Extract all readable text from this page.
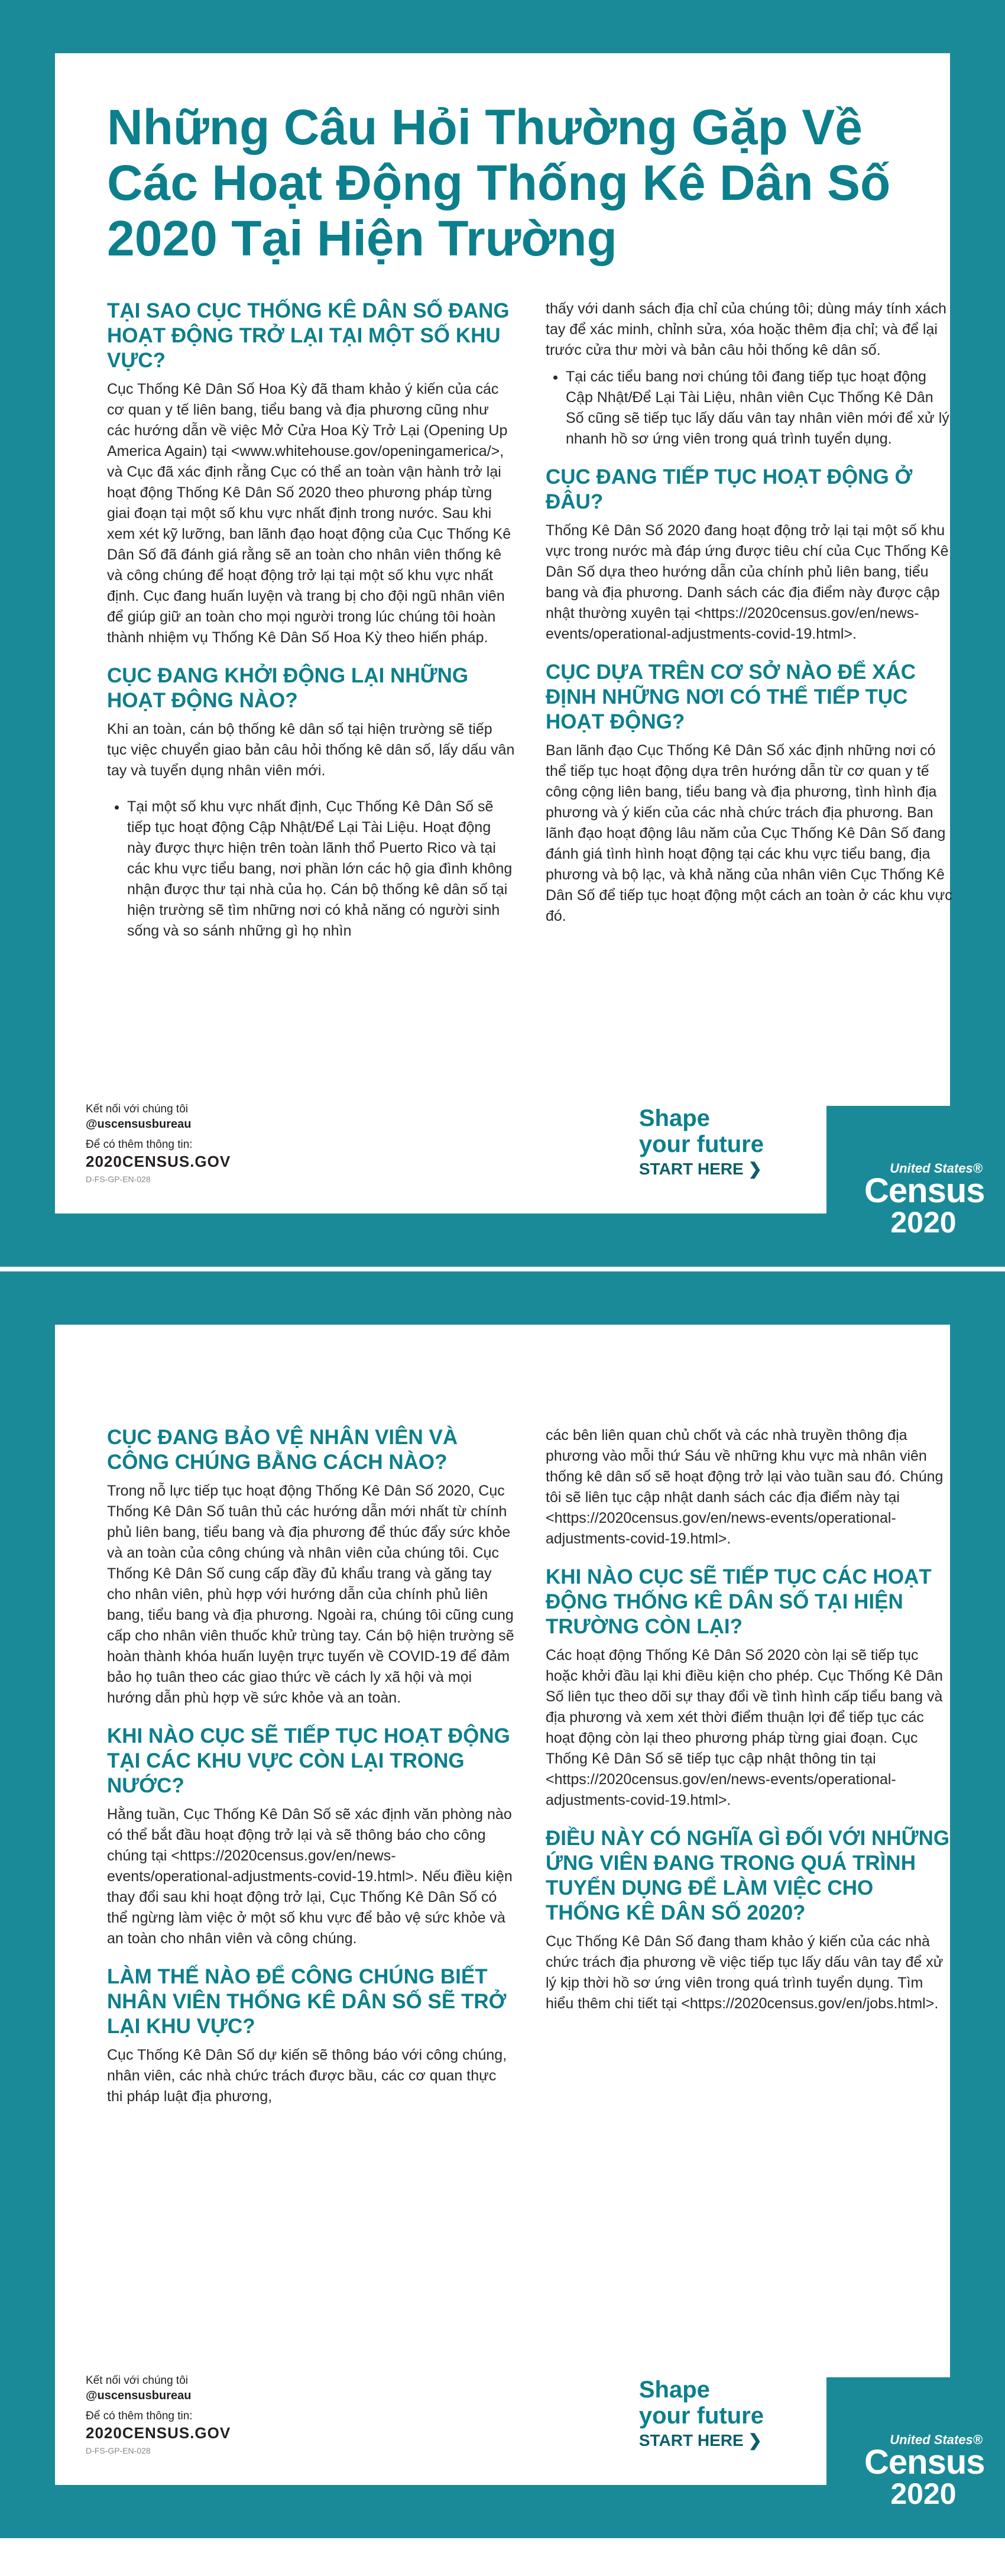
Những Câu Hỏi Thường Gặp Về Các Hoạt Động Thống Kê Dân Số 2020 Tại Hiện Trường
TẠI SAO CỤC THỐNG KÊ DÂN SỐ ĐANG HOẠT ĐỘNG TRỞ LẠI TẠI MỘT SỐ KHU VỰC?
Cục Thống Kê Dân Số Hoa Kỳ đã tham khảo ý kiến của các cơ quan y tế liên bang, tiểu bang và địa phương cũng như các hướng dẫn về việc Mở Cửa Hoa Kỳ Trở Lại (Opening Up America Again) tại <www.whitehouse.gov/openingamerica/>, và Cục đã xác định rằng Cục có thể an toàn vận hành trở lại hoạt động Thống Kê Dân Số 2020 theo phương pháp từng giai đoạn tại một số khu vực nhất định trong nước. Sau khi xem xét kỹ lưỡng, ban lãnh đạo hoạt động của Cục Thống Kê Dân Số đã đánh giá rằng sẽ an toàn cho nhân viên thống kê và công chúng để hoạt động trở lại tại một số khu vực nhất định. Cục đang huấn luyện và trang bị cho đội ngũ nhân viên để giúp giữ an toàn cho mọi người trong lúc chúng tôi hoàn thành nhiệm vụ Thống Kê Dân Số Hoa Kỳ theo hiến pháp.
CỤC ĐANG KHỞI ĐỘNG LẠI NHỮNG HOẠT ĐỘNG NÀO?
Khi an toàn, cán bộ thống kê dân số tại hiện trường sẽ tiếp tục việc chuyển giao bản câu hỏi thống kê dân số, lấy dấu vân tay và tuyển dụng nhân viên mới.
• Tại một số khu vực nhất định, Cục Thống Kê Dân Số sẽ tiếp tục hoạt động Cập Nhật/Để Lại Tài Liệu. Hoạt động này được thực hiện trên toàn lãnh thổ Puerto Rico và tại các khu vực tiểu bang, nơi phần lớn các hộ gia đình không nhận được thư tại nhà của họ. Cán bộ thống kê dân số tại hiện trường sẽ tìm những nơi có khả năng có người sinh sống và so sánh những gì họ nhìn
thấy với danh sách địa chỉ của chúng tôi; dùng máy tính xách tay để xác minh, chỉnh sửa, xóa hoặc thêm địa chỉ; và để lại trước cửa thư mời và bản câu hỏi thống kê dân số.
• Tại các tiểu bang nơi chúng tôi đang tiếp tục hoạt động Cập Nhật/Để Lại Tài Liệu, nhân viên Cục Thống Kê Dân Số cũng sẽ tiếp tục lấy dấu vân tay nhân viên mới để xử lý nhanh hồ sơ ứng viên trong quá trình tuyển dụng.
CỤC ĐANG TIẾP TỤC HOẠT ĐỘNG Ở ĐÂU?
Thống Kê Dân Số 2020 đang hoạt động trở lại tại một số khu vực trong nước mà đáp ứng được tiêu chí của Cục Thống Kê Dân Số dựa theo hướng dẫn của chính phủ liên bang, tiểu bang và địa phương. Danh sách các địa điểm này được cập nhật thường xuyên tại <https://2020census.gov/en/news-events/operational-adjustments-covid-19.html>.
CỤC DỰA TRÊN CƠ SỞ NÀO ĐỂ XÁC ĐỊNH NHỮNG NƠI CÓ THỂ TIẾP TỤC HOẠT ĐỘNG?
Ban lãnh đạo Cục Thống Kê Dân Số xác định những nơi có thể tiếp tục hoạt động dựa trên hướng dẫn từ cơ quan y tế công cộng liên bang, tiểu bang và địa phương, tình hình địa phương và ý kiến của các nhà chức trách địa phương. Ban lãnh đạo hoạt động lâu năm của Cục Thống Kê Dân Số đang đánh giá tình hình hoạt động tại các khu vực tiểu bang, địa phương và bộ lạc, và khả năng của nhân viên Cục Thống Kê Dân Số để tiếp tục hoạt động một cách an toàn ở các khu vực đó.
Kết nối với chúng tôi
@uscensusbureau
Để có thêm thông tin:
2020CENSUS.GOV
D-FS-GP-EN-028
Shape
your future
START HERE ❯	United States®
Census
2020
CỤC ĐANG BẢO VỆ NHÂN VIÊN VÀ CÔNG CHÚNG BẰNG CÁCH NÀO?
Trong nỗ lực tiếp tục hoạt động Thống Kê Dân Số 2020, Cục Thống Kê Dân Số tuân thủ các hướng dẫn mới nhất từ chính phủ liên bang, tiểu bang và địa phương để thúc đẩy sức khỏe và an toàn của công chúng và nhân viên của chúng tôi. Cục Thống Kê Dân Số cung cấp đầy đủ khẩu trang và găng tay cho nhân viên, phù hợp với hướng dẫn của chính phủ liên bang, tiểu bang và địa phương. Ngoài ra, chúng tôi cũng cung cấp cho nhân viên thuốc khử trùng tay. Cán bộ hiện trường sẽ hoàn thành khóa huấn luyện trực tuyến về COVID-19 để đảm bảo họ tuân theo các giao thức về cách ly xã hội và mọi hướng dẫn phù hợp về sức khỏe và an toàn.
KHI NÀO CỤC SẼ TIẾP TỤC HOẠT ĐỘNG TẠI CÁC KHU VỰC CÒN LẠI TRONG NƯỚC?
Hằng tuần, Cục Thống Kê Dân Số sẽ xác định văn phòng nào có thể bắt đầu hoạt động trở lại và sẽ thông báo cho công chúng tại <https://2020census.gov/en/news-events/operational-adjustments-covid-19.html>. Nếu điều kiện thay đổi sau khi hoạt động trở lại, Cục Thống Kê Dân Số có thể ngừng làm việc ở một số khu vực để bảo vệ sức khỏe và an toàn cho nhân viên và công chúng.
LÀM THẾ NÀO ĐỂ CÔNG CHÚNG BIẾT NHÂN VIÊN THỐNG KÊ DÂN SỐ SẼ TRỞ LẠI KHU VỰC?
Cục Thống Kê Dân Số dự kiến sẽ thông báo với công chúng, nhân viên, các nhà chức trách được bầu, các cơ quan thực thi pháp luật địa phương,
các bên liên quan chủ chốt và các nhà truyền thông địa phương vào mỗi thứ Sáu về những khu vực mà nhân viên thống kê dân số sẽ hoạt động trở lại vào tuần sau đó. Chúng tôi sẽ liên tục cập nhật danh sách các địa điểm này tại <https://2020census.gov/en/news-events/operational-adjustments-covid-19.html>.
KHI NÀO CỤC SẼ TIẾP TỤC CÁC HOẠT ĐỘNG THỐNG KÊ DÂN SỐ TẠI HIỆN TRƯỜNG CÒN LẠI?
Các hoạt động Thống Kê Dân Số 2020 còn lại sẽ tiếp tục hoặc khởi đầu lại khi điều kiện cho phép. Cục Thống Kê Dân Số liên tục theo dõi sự thay đổi về tình hình cấp tiểu bang và địa phương và xem xét thời điểm thuận lợi để tiếp tục các hoạt động còn lại theo phương pháp từng giai đoạn. Cục Thống Kê Dân Số sẽ tiếp tục cập nhật thông tin tại <https://2020census.gov/en/news-events/operational-adjustments-covid-19.html>.
ĐIỀU NÀY CÓ NGHĨA GÌ ĐỐI VỚI NHỮNG ỨNG VIÊN ĐANG TRONG QUÁ TRÌNH TUYỂN DỤNG ĐỂ LÀM VIỆC CHO THỐNG KÊ DÂN SỐ 2020?
Cục Thống Kê Dân Số đang tham khảo ý kiến của các nhà chức trách địa phương về việc tiếp tục lấy dấu vân tay để xử lý kịp thời hồ sơ ứng viên trong quá trình tuyển dụng. Tìm hiểu thêm chi tiết tại <https://2020census.gov/en/jobs.html>.
Kết nối với chúng tôi
@uscensusbureau
Để có thêm thông tin:
2020CENSUS.GOV
D-FS-GP-EN-028
Shape
your future
START HERE ❯	United States®
Census
2020
